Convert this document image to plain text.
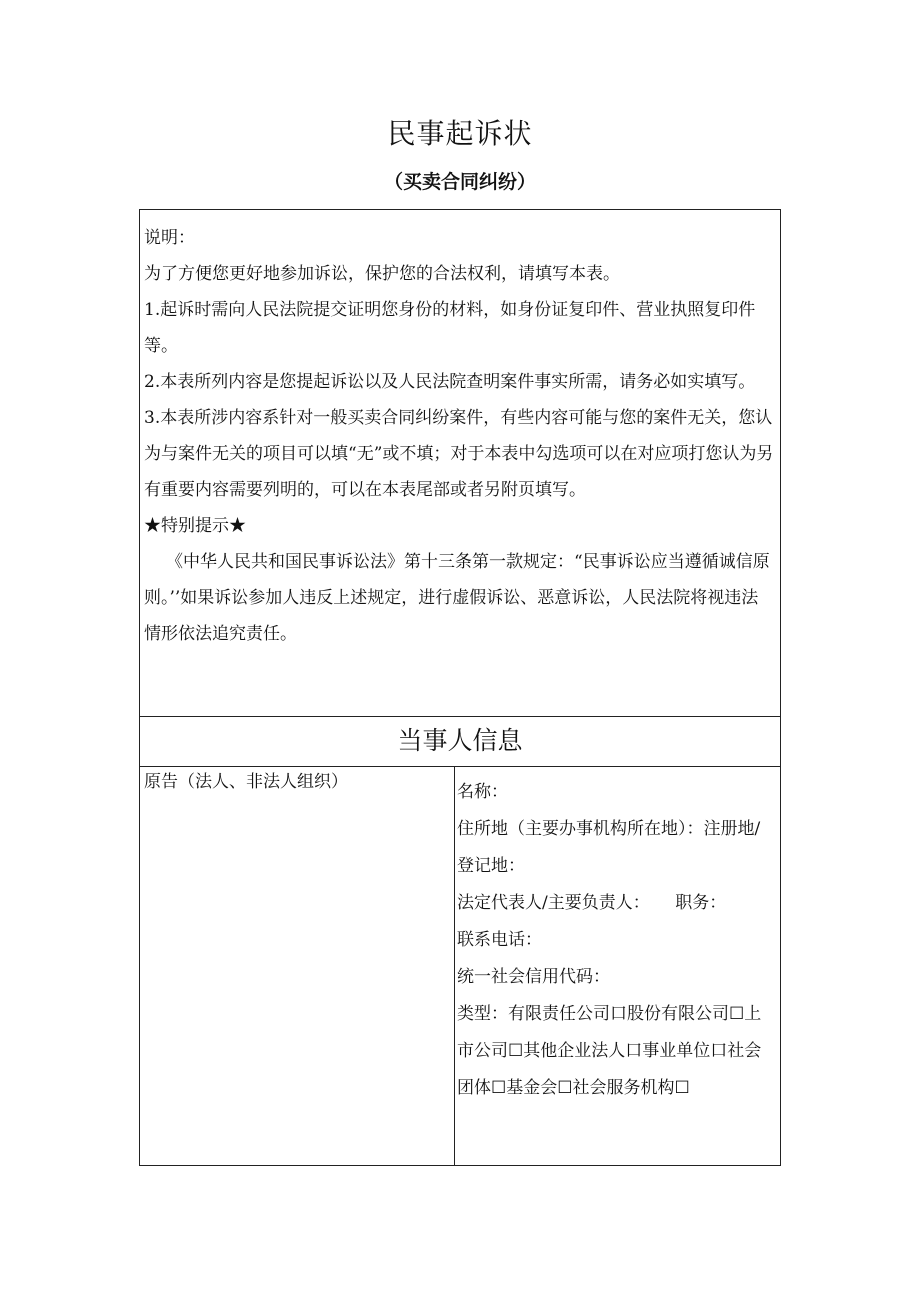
民事起诉状
（买卖合同纠纷）

说明：

为了方便您更好地参加诉讼，保护您的合法权利，请填写本表。

1.起诉时需向人民法院提交证明您身份的材料，如身份证复印件、营业执照复印件等。

2.本表所列内容是您提起诉讼以及人民法院查明案件事实所需，请务必如实填写。

3.本表所涉内容系针对一般买卖合同纠纷案件，有些内容可能与您的案件无关，您认为与案件无关的项目可以填“无”或不填；对于本表中勾选项可以在对应项打您认为另有重要内容需要列明的，可以在本表尾部或者另附页填写。

★特别提示★

《中华人民共和国民事诉讼法》第十三条第一款规定：“民事诉讼应当遵循诚信原则。’’如果诉讼参加人违反上述规定，进行虚假诉讼、恶意诉讼，人民法院将视违法情形依法追究责任。

当事人信息
原告（法人、非法人组织）	名称：

住所地（主要办事机构所在地）：注册地/登记地：

法定代表人/主要负责人：　　职务：

联系电话：

统一社会信用代码：

类型：有限责任公司口股份有限公司☐上市公司☐其他企业法人口事业单位口社会团体☐基金会☐社会服务机构☐
